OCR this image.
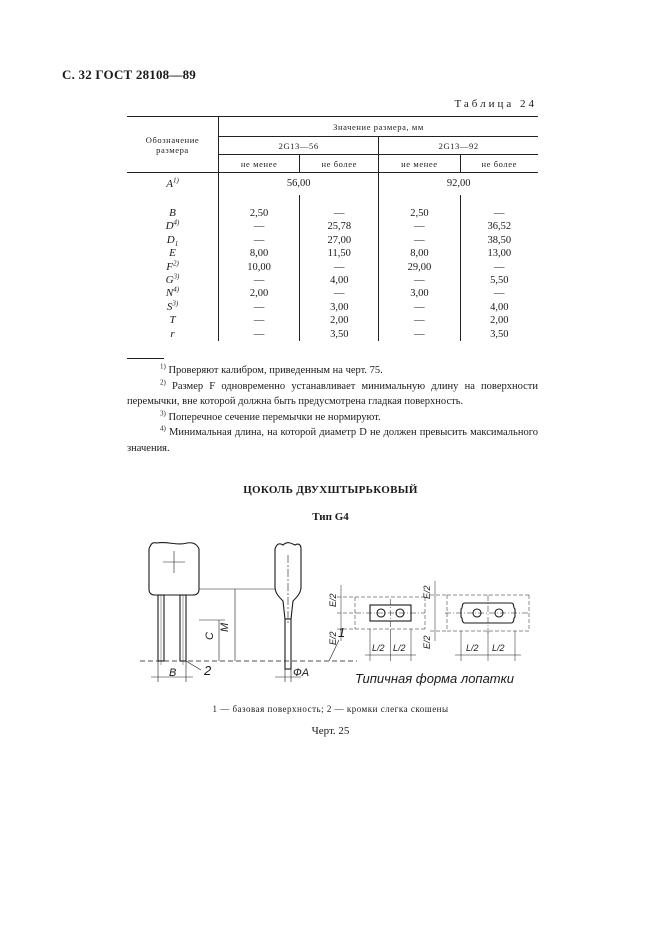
С. 32 ГОСТ 28108—89
Таблица 24
Обозначение
размера	Значение размера, мм			
	2G13—56		2G13—92	
	не менее	не более	не менее	не более
$A^{1)}$	56,00		92,00	

B	2,50	—	2,50	—
$D^{4)}$	—	25,78	—	36,52
$D_1$	—	27,00	—	38,50
E	8,00	11,50	8,00	13,00
$F^{2)}$	10,00	—	29,00	—
$G^{3)}$	—	4,00	—	5,50
$N^{4)}$	2,00	—	3,00	—
$S^{3)}$	—	3,00	—	4,00
T	—	2,00	—	2,00
r	—	3,50	—	3,50

$^{1)}$ Проверяют калибром, приведенным на черт. 75.

$^{2)}$ Размер F одновременно устанавливает минимальную длину на поверхности перемычки, вне которой должна быть предусмотрена гладкая поверхность.

$^{3)}$ Поперечное сечение перемычки не нормируют.

$^{4)}$ Минимальная длина, на которой диаметр D не должен превысить максимального значения.

ЦОКОЛЬ ДВУХШТЫРЬКОВЫЙ
Тип G4
M
C
B	ФA
1
2
E/2
E/2
E/2
E/2
L/2 L/2	L/2 L/2
Типичная форма лопатки
1 — базовая поверхность; 2 — кромки слегка скошены
Черт. 25
